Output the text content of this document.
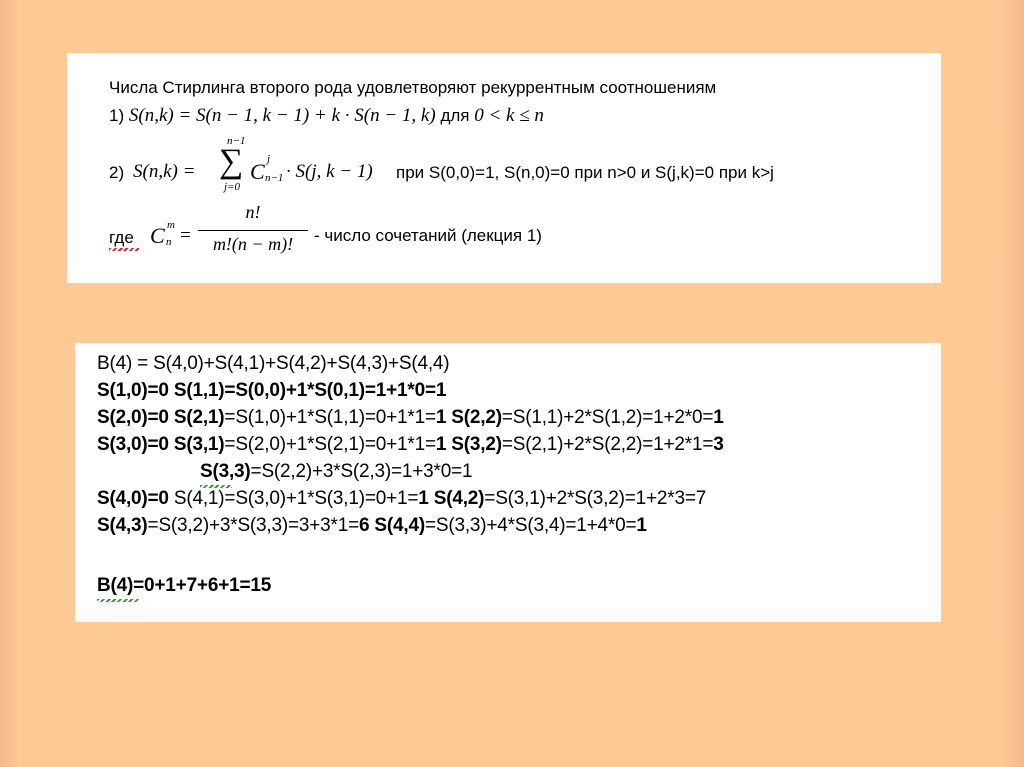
Числа Стирлинга второго рода удовлетворяют рекуррентным соотношениям
1) S(n,k) = S(n − 1, k − 1) + k · S(n − 1, k) для 0 < k ≤ n
2) S(n,k) =
n−1
∑
j=0
C j
n−1 · S(j, k − 1) при S(0,0)=1, S(n,0)=0 при n>0 и S(j,k)=0 при k>j
где C m
n =
n!
m!(n − m)!	- число сочетаний (лекция 1)
B(4) = S(4,0)+S(4,1)+S(4,2)+S(4,3)+S(4,4)
S(1,0)=0 S(1,1)=S(0,0)+1*S(0,1)=1+1*0=1
S(2,0)=0 S(2,1)=S(1,0)+1*S(1,1)=0+1*1=1 S(2,2)=S(1,1)+2*S(1,2)=1+2*0=1
S(3,0)=0 S(3,1)=S(2,0)+1*S(2,1)=0+1*1=1 S(3,2)=S(2,1)+2*S(2,2)=1+2*1=3
S(3,3)=S(2,2)+3*S(2,3)=1+3*0=1
S(4,0)=0 S(4,1)=S(3,0)+1*S(3,1)=0+1=1 S(4,2)=S(3,1)+2*S(3,2)=1+2*3=7
S(4,3)=S(3,2)+3*S(3,3)=3+3*1=6 S(4,4)=S(3,3)+4*S(3,4)=1+4*0=1
B(4)=0+1+7+6+1=15
